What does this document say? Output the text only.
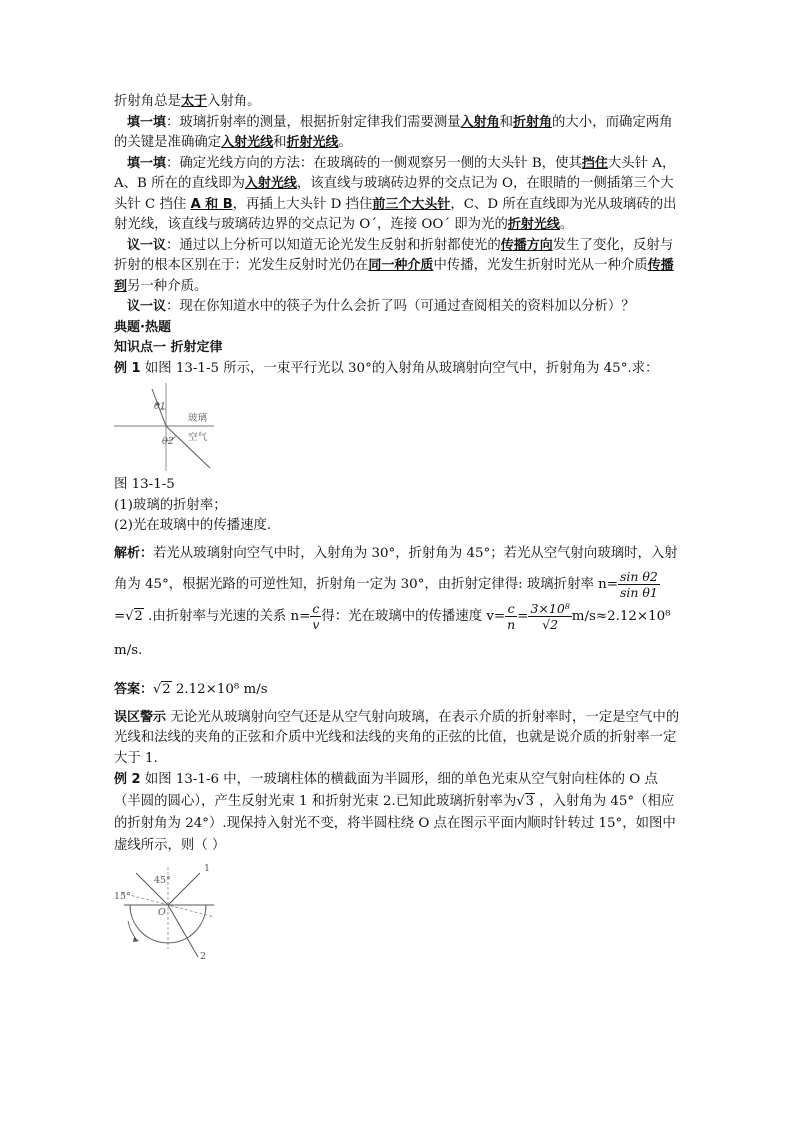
折射角总是太于入射角。

填一填：玻璃折射率的测量，根据折射定律我们需要测量入射角和折射角的大小，而确定两角的关键是准确确定入射光线和折射光线。

填一填：确定光线方向的方法：在玻璃砖的一侧观察另一侧的大头针 B，使其挡住大头针 A，A、B 所在的直线即为入射光线，该直线与玻璃砖边界的交点记为 O，在眼睛的一侧插第三个大头针 C 挡住 A 和 B，再插上大头针 D 挡住前三个大头针，C、D 所在直线即为光从玻璃砖的出射光线，该直线与玻璃砖边界的交点记为 O´，连接 OO´ 即为光的折射光线。

议一议：通过以上分析可以知道无论光发生反射和折射都使光的传播方向发生了变化，反射与折射的根本区别在于：光发生反射时光仍在同一种介质中传播，光发生折射时光从一种介质传播到另一种介质。

议一议：现在你知道水中的筷子为什么会折了吗（可通过查阅相关的资料加以分析）？

典题·热题

知识点一 折射定律

例 1 如图 13-1-5 所示，一束平行光以 30°的入射角从玻璃射向空气中，折射角为 45°.求：

θ1
θ2
玻璃
空气

图 13-1-5

(1)玻璃的折射率；

(2)光在玻璃中的传播速度.

解析：若光从玻璃射向空气中时，入射角为 30°，折射角为 45°；若光从空气射向玻璃时，入射角为 45°，根据光路的可逆性知，折射角一定为 30°，由折射定律得: 玻璃折射率 $n= \frac{\text{sin θ2}}{\text{sin θ1}}$

=√2 .由折射率与光速的关系 $n= \frac{c}{v}$ 得：光在玻璃中的传播速度 $v= \frac{c}{n} = \frac{\text{3×10⁸}}{√2} m/s\approx 2.12\times 10^8$ m/s.

答案：√2 2.12×10⁸ m/s

误区警示 无论光从玻璃射向空气还是从空气射向玻璃，在表示介质的折射率时，一定是空气中的光线和法线的夹角的正弦和介质中光线和法线的夹角的正弦的比值，也就是说介质的折射率一定大于 1.

例 2 如图 13-1-6 中，一玻璃柱体的横截面为半圆形，细的单色光束从空气射向柱体的 O 点（半圆的圆心），产生反射光束 1 和折射光束 2.已知此玻璃折射率为√3 ，入射角为 45°（相应的折射角为 24°）.现保持入射光不变，将半圆柱绕 O 点在图示平面内顺时针转过 15°，如图中虚线所示，则（ ）

45°
15°
O
1
2
